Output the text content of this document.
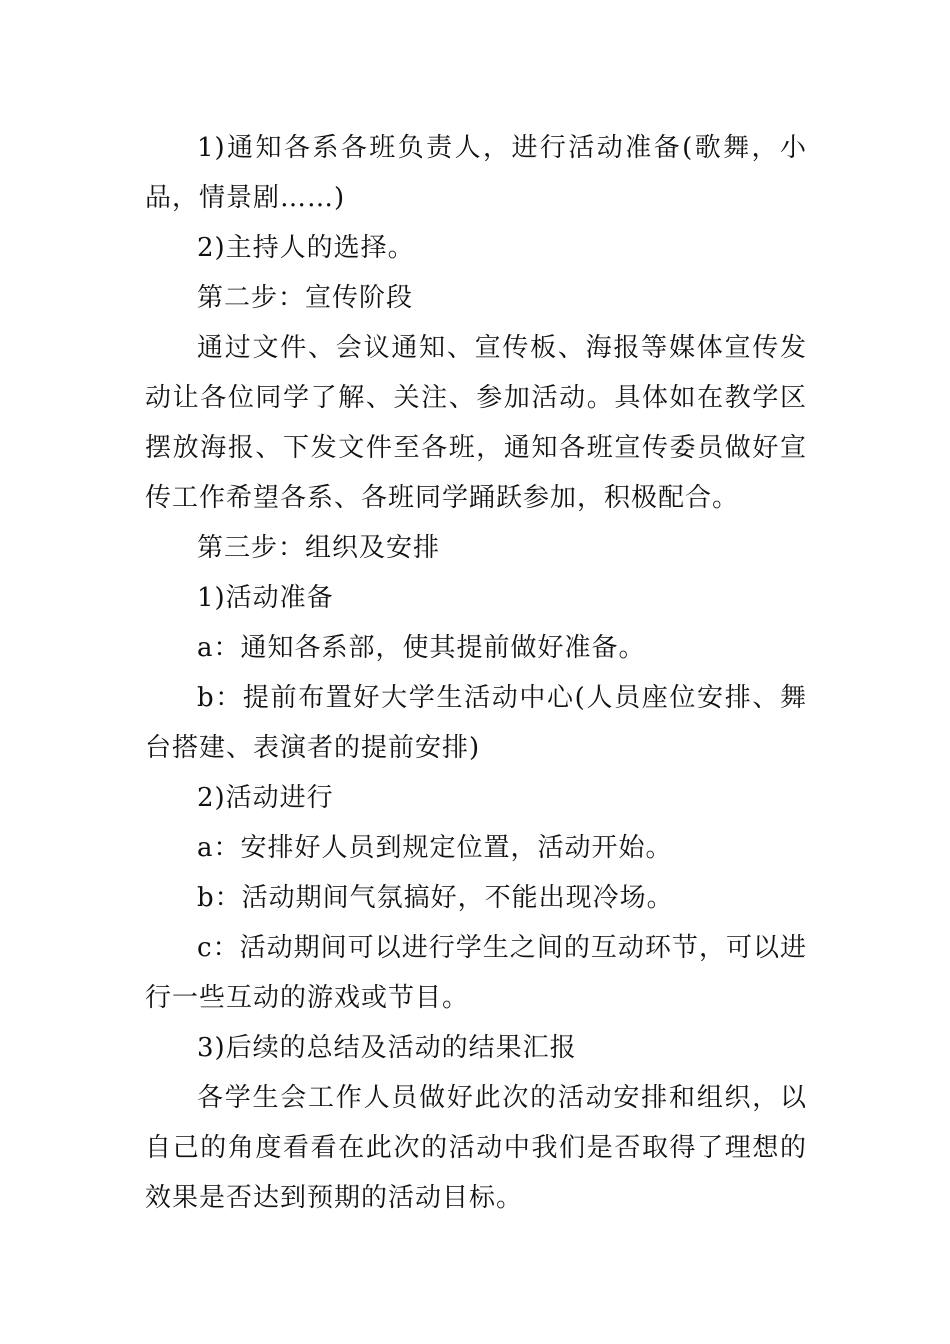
1)通知各系各班负责人，进行活动准备(歌舞，小品，情景剧……)

2)主持人的选择。

第二步：宣传阶段

通过文件、会议通知、宣传板、海报等媒体宣传发动让各位同学了解、关注、参加活动。具体如在教学区摆放海报、下发文件至各班，通知各班宣传委员做好宣传工作希望各系、各班同学踊跃参加，积极配合。

第三步：组织及安排

1)活动准备

a：通知各系部，使其提前做好准备。

b：提前布置好大学生活动中心(人员座位安排、舞台搭建、表演者的提前安排)

2)活动进行

a：安排好人员到规定位置，活动开始。

b：活动期间气氛搞好，不能出现冷场。

c：活动期间可以进行学生之间的互动环节，可以进行一些互动的游戏或节目。

3)后续的总结及活动的结果汇报

各学生会工作人员做好此次的活动安排和组织，以自己的角度看看在此次的活动中我们是否取得了理想的效果是否达到预期的活动目标。
